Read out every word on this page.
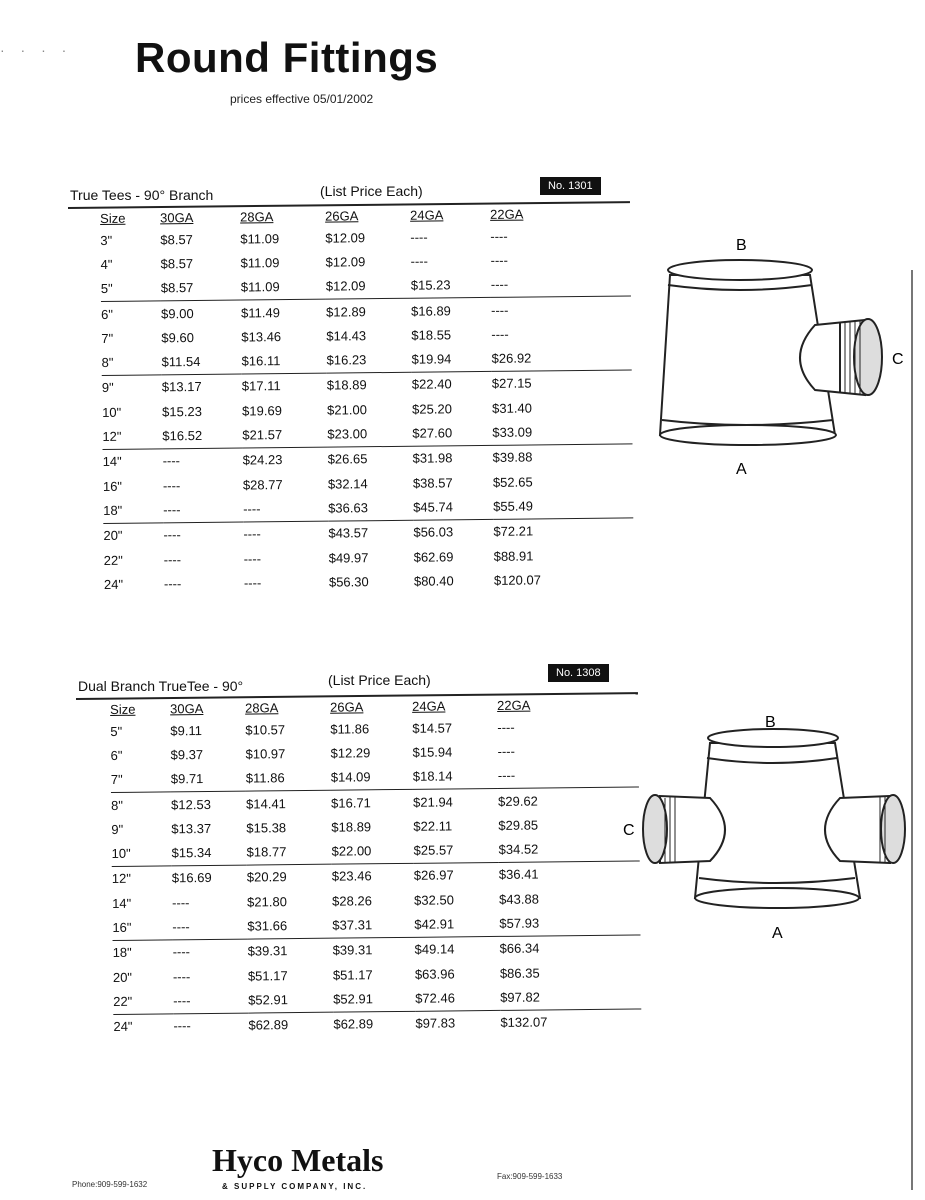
· · · · Round Fittings
prices effective 05/01/2002
True Tees - 90° Branch	(List Price Each)	No. 1301
Size	30GA	28GA	26GA	24GA	22GA	
3"	$8.57	$11.09	$12.09	----	----	
4"	$8.57	$11.09	$12.09	----	----	
5"	$8.57	$11.09	$12.09	$15.23	----	
6"	$9.00	$11.49	$12.89	$16.89	----	
7"	$9.60	$13.46	$14.43	$18.55	----	
8"	$11.54	$16.11	$16.23	$19.94	$26.92	
9"	$13.17	$17.11	$18.89	$22.40	$27.15	
10"	$15.23	$19.69	$21.00	$25.20	$31.40	
12"	$16.52	$21.57	$23.00	$27.60	$33.09	
14"	----	$24.23	$26.65	$31.98	$39.88	
16"	----	$28.77	$32.14	$38.57	$52.65	
18"	----	----	$36.63	$45.74	$55.49	
20"	----	----	$43.57	$56.03	$72.21	
22"	----	----	$49.97	$62.69	$88.91	
24"	----	----	$56.30	$80.40	$120.07	
B
A
C
Dual Branch TrueTee - 90°	(List Price Each)	No. 1308
Size	30GA	28GA	26GA	24GA	22GA	
5"	$9.11	$10.57	$11.86	$14.57	----	
6"	$9.37	$10.97	$12.29	$15.94	----	
7"	$9.71	$11.86	$14.09	$18.14	----	
8"	$12.53	$14.41	$16.71	$21.94	$29.62	
9"	$13.37	$15.38	$18.89	$22.11	$29.85	
10"	$15.34	$18.77	$22.00	$25.57	$34.52	
12"	$16.69	$20.29	$23.46	$26.97	$36.41	
14"	----	$21.80	$28.26	$32.50	$43.88	
16"	----	$31.66	$37.31	$42.91	$57.93	
18"	----	$39.31	$39.31	$49.14	$66.34	
20"	----	$51.17	$51.17	$63.96	$86.35	
22"	----	$52.91	$52.91	$72.46	$97.82	
24"	----	$62.89	$62.89	$97.83	$132.07	
B
A
C
Phone:909-599-1632
Hyco Metals
& SUPPLY COMPANY, INC.
Fax:909-599-1633
